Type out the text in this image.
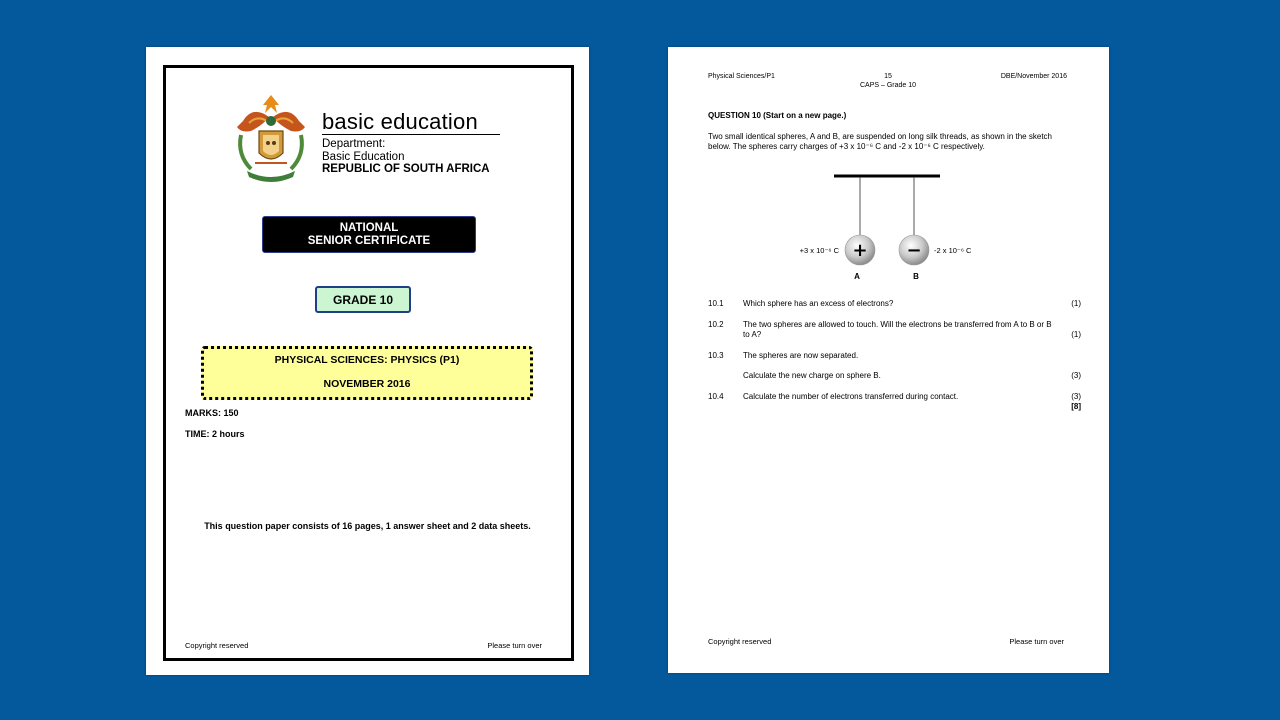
basic education
Department:
Basic Education
REPUBLIC OF SOUTH AFRICA
NATIONAL
SENIOR CERTIFICATE
GRADE 10
PHYSICAL SCIENCES: PHYSICS (P1)
NOVEMBER 2016
MARKS: 150
TIME: 2 hours
This question paper consists of 16 pages, 1 answer sheet and 2 data sheets.
Copyright reserved	Please turn over
Physical Sciences/P1	15
CAPS – Grade 10
DBE/November 2016
QUESTION 10 (Start on a new page.)
Two small identical spheres, A and B, are suspended on long silk threads, as shown in the sketch below. The spheres carry charges of +3 x 10⁻⁶ C and -2 x 10⁻⁶ C respectively.
+ −
+3 x 10⁻⁶ C	-2 x 10⁻⁶ C
A	B
10.1 Which sphere has an excess of electrons?	(1)
10.2 The two spheres are allowed to touch. Will the electrons be transferred from A to B or B to A?	(1)
10.3 The spheres are now separated.
Calculate the new charge on sphere B.	(3)
10.4 Calculate the number of electrons transferred during contact.	(3)
[8]
Copyright reserved	Please turn over
